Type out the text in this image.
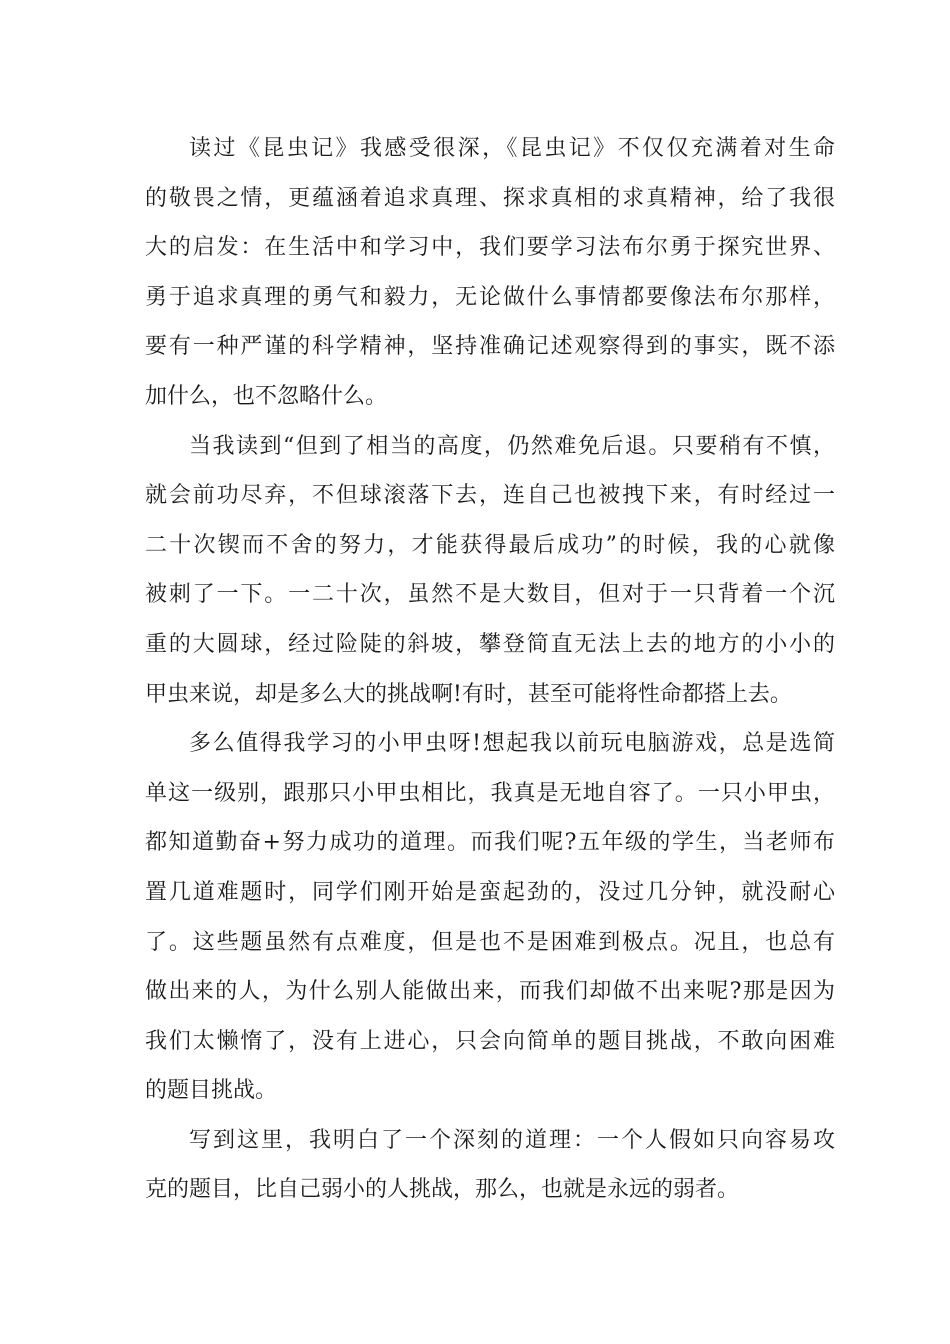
读过《昆虫记》我感受很深，《昆虫记》不仅仅充满着对生命
的敬畏之情，更蕴涵着追求真理、探求真相的求真精神，给了我很
大的启发：在生活中和学习中，我们要学习法布尔勇于探究世界、
勇于追求真理的勇气和毅力，无论做什么事情都要像法布尔那样，
要有一种严谨的科学精神，坚持准确记述观察得到的事实，既不添
加什么，也不忽略什么。
当我读到“但到了相当的高度，仍然难免后退。只要稍有不慎，
就会前功尽弃，不但球滚落下去，连自己也被拽下来，有时经过一
二十次锲而不舍的努力，才能获得最后成功”的时候，我的心就像
被刺了一下。一二十次，虽然不是大数目，但对于一只背着一个沉
重的大圆球，经过险陡的斜坡，攀登简直无法上去的地方的小小的
甲虫来说，却是多么大的挑战啊!有时，甚至可能将性命都搭上去。
多么值得我学习的小甲虫呀!想起我以前玩电脑游戏，总是选简
单这一级别，跟那只小甲虫相比，我真是无地自容了。一只小甲虫，
都知道勤奋+努力成功的道理。而我们呢?五年级的学生，当老师布
置几道难题时，同学们刚开始是蛮起劲的，没过几分钟，就没耐心
了。这些题虽然有点难度，但是也不是困难到极点。况且，也总有
做出来的人，为什么别人能做出来，而我们却做不出来呢?那是因为
我们太懒惰了，没有上进心，只会向简单的题目挑战，不敢向困难
的题目挑战。
写到这里，我明白了一个深刻的道理：一个人假如只向容易攻
克的题目，比自己弱小的人挑战，那么，也就是永远的弱者。
